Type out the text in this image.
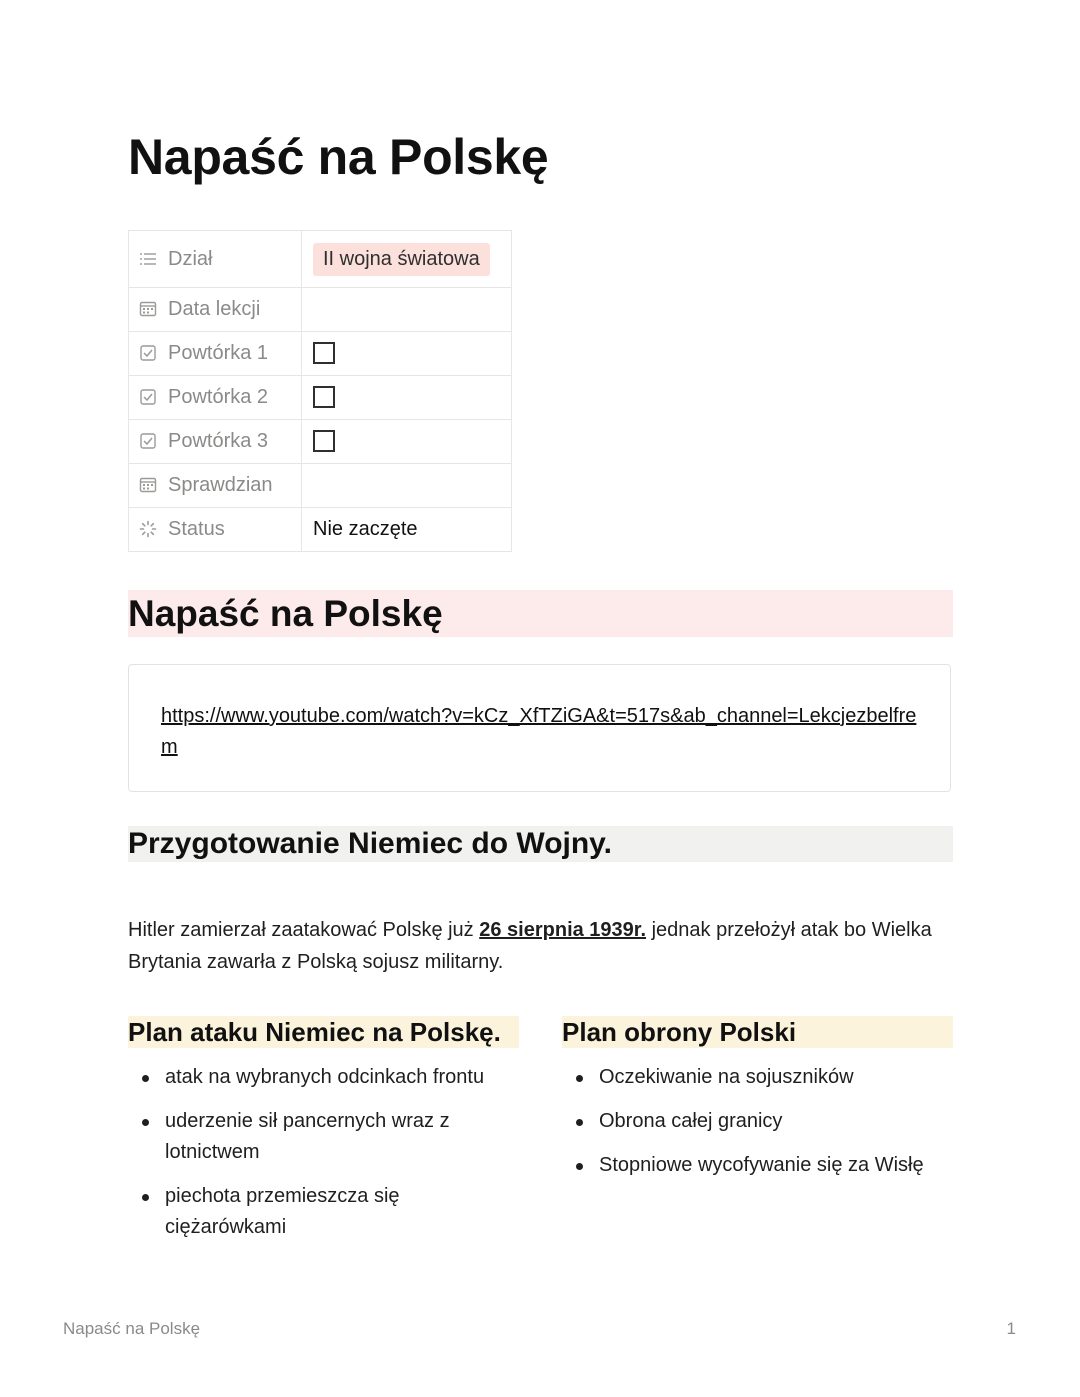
Napaść na Polskę
Dział	II wojna światowa
Data lekcji	
Powtórka 1	
Powtórka 2	
Powtórka 3	
Sprawdzian	
Status	Nie zaczęte
Napaść na Polskę
https://www.youtube.com/watch?v=kCz_XfTZiGA&t=517s&ab_channel=Lekcjezbelfrem
Przygotowanie Niemiec do Wojny.

Hitler zamierzał zaatakować Polskę już 26 sierpnia 1939r. jednak przełożył atak bo Wielka Brytania zawarła z Polską sojusz militarny.

Plan ataku Niemiec na Polskę.
atak na wybranych odcinkach frontu
uderzenie sił pancernych wraz z lotnictwem
piechota przemieszcza się ciężarówkami
Plan obrony Polski
Oczekiwanie na sojuszników
Obrona całej granicy
Stopniowe wycofywanie się za Wisłę
Napaść na Polskę	1
